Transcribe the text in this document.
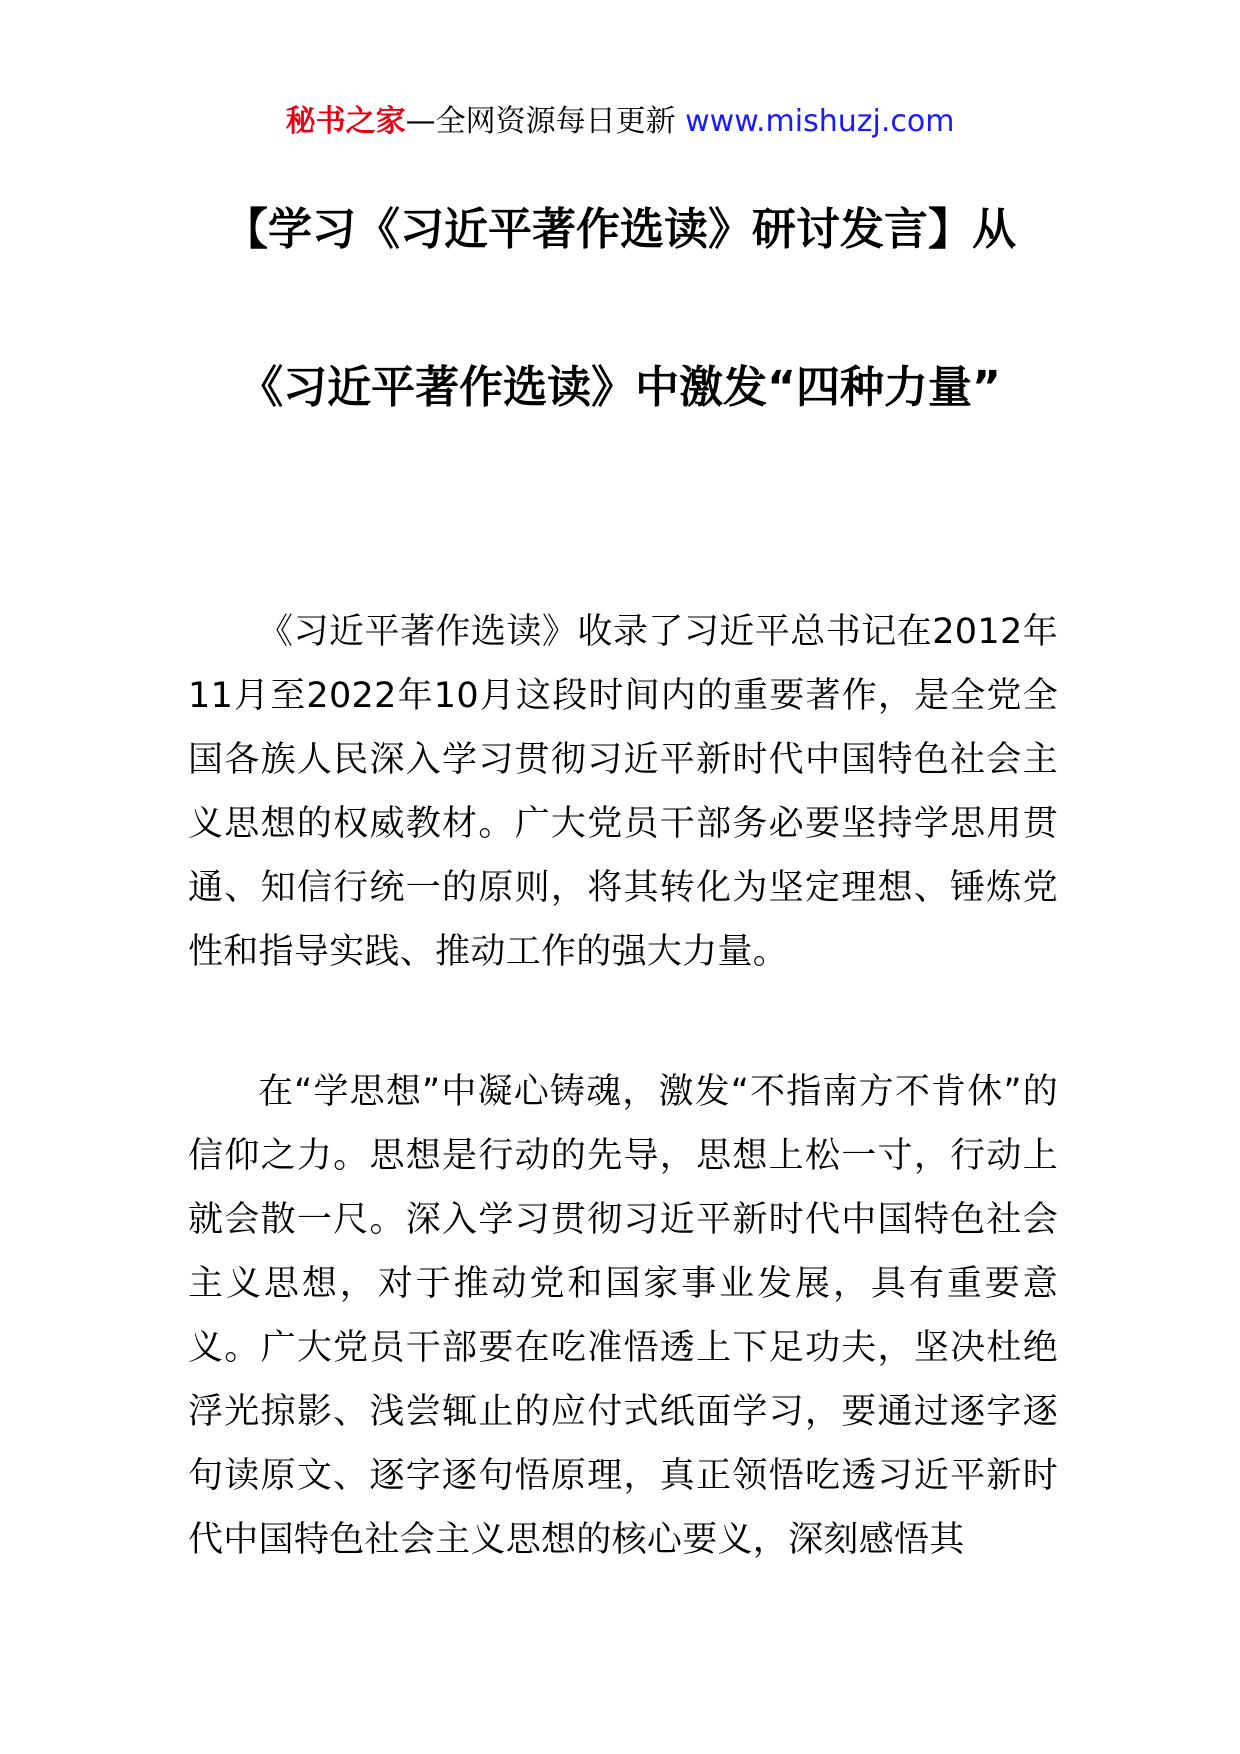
秘书之家—全网资源每日更新 www.mishuzj.com
【学习《习近平著作选读》研讨发言】从
《习近平著作选读》中激发“四种力量”

《习近平著作选读》收录了习近平总书记在2012年11月至2022年10月这段时间内的重要著作，是全党全国各族人民深入学习贯彻习近平新时代中国特色社会主义思想的权威教材。广大党员干部务必要坚持学思用贯通、知信行统一的原则，将其转化为坚定理想、锤炼党性和指导实践、推动工作的强大力量。

在“学思想”中凝心铸魂，激发“不指南方不肯休”的信仰之力。思想是行动的先导，思想上松一寸，行动上就会散一尺。深入学习贯彻习近平新时代中国特色社会主义思想，对于推动党和国家事业发展，具有重要意义。广大党员干部要在吃准悟透上下足功夫，坚决杜绝浮光掠影、浅尝辄止的应付式纸面学习，要通过逐字逐句读原文、逐字逐句悟原理，真正领悟吃透习近平新时代中国特色社会主义思想的核心要义，深刻感悟其
